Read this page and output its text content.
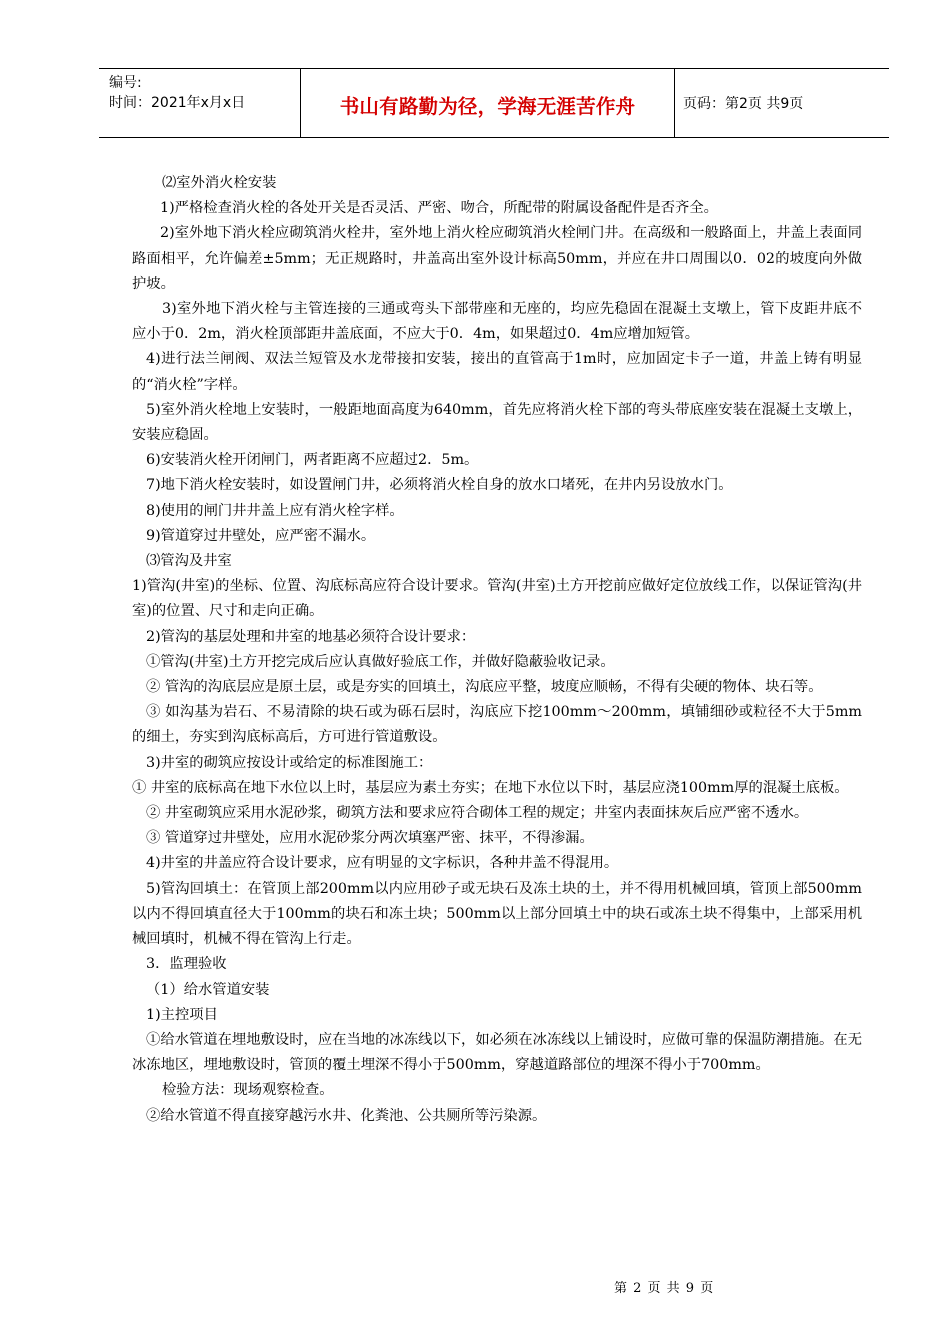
编号:
时间：2021年x月x日	书山有路勤为径，学海无涯苦作舟	页码：第2页 共9页
⑵室外消火栓安装
1)严格检查消火栓的各处开关是否灵活、严密、吻合，所配带的附属设备配件是否齐全。
2)室外地下消火栓应砌筑消火栓井，室外地上消火栓应砌筑消火栓闸门井。在高级和一般路面上，井盖上表面同路面相平，允许偏差±5mm；无正规路时，井盖高出室外设计标高50mm，并应在井口周围以0．02的坡度向外做护坡。
3)室外地下消火栓与主管连接的三通或弯头下部带座和无座的，均应先稳固在混凝土支墩上，管下皮距井底不应小于0．2m，消火栓顶部距井盖底面，不应大于0．4m，如果超过0．4m应增加短管。
4)进行法兰闸阀、双法兰短管及水龙带接扣安装，接出的直管高于1m时，应加固定卡子一道，井盖上铸有明显的“消火栓”字样。
5)室外消火栓地上安装时，一般距地面高度为640mm，首先应将消火栓下部的弯头带底座安装在混凝土支墩上，安装应稳固。
6)安装消火栓开闭闸门，两者距离不应超过2．5m。
7)地下消火栓安装时，如设置闸门井，必须将消火栓自身的放水口堵死，在井内另设放水门。
8)使用的闸门井井盖上应有消火栓字样。
9)管道穿过井壁处，应严密不漏水。
⑶管沟及井室
1)管沟(井室)的坐标、位置、沟底标高应符合设计要求。管沟(井室)土方开挖前应做好定位放线工作，以保证管沟(井室)的位置、尺寸和走向正确。
2)管沟的基层处理和井室的地基必须符合设计要求：
①管沟(井室)土方开挖完成后应认真做好验底工作，并做好隐蔽验收记录。
② 管沟的沟底层应是原土层，或是夯实的回填土，沟底应平整，坡度应顺畅，不得有尖硬的物体、块石等。
③ 如沟基为岩石、不易清除的块石或为砾石层时，沟底应下挖100mm～200mm，填铺细砂或粒径不大于5mm的细土，夯实到沟底标高后，方可进行管道敷设。
3)井室的砌筑应按设计或给定的标准图施工：
① 井室的底标高在地下水位以上时，基层应为素土夯实；在地下水位以下时，基层应浇100mm厚的混凝土底板。
② 井室砌筑应采用水泥砂浆，砌筑方法和要求应符合砌体工程的规定；井室内表面抹灰后应严密不透水。
③ 管道穿过井壁处，应用水泥砂浆分两次填塞严密、抹平，不得渗漏。
4)井室的井盖应符合设计要求，应有明显的文字标识，各种井盖不得混用。
5)管沟回填土：在管顶上部200mm以内应用砂子或无块石及冻土块的土，并不得用机械回填，管顶上部500mm以内不得回填直径大于100mm的块石和冻土块；500mm以上部分回填土中的块石或冻土块不得集中，上部采用机械回填时，机械不得在管沟上行走。
3．监理验收
（1）给水管道安装
1)主控项目
①给水管道在埋地敷设时，应在当地的冰冻线以下，如必须在冰冻线以上铺设时，应做可靠的保温防潮措施。在无冰冻地区，埋地敷设时，管顶的覆土埋深不得小于500mm，穿越道路部位的埋深不得小于700mm。
检验方法：现场观察检查。
②给水管道不得直接穿越污水井、化粪池、公共厕所等污染源。
第 2 页 共 9 页
